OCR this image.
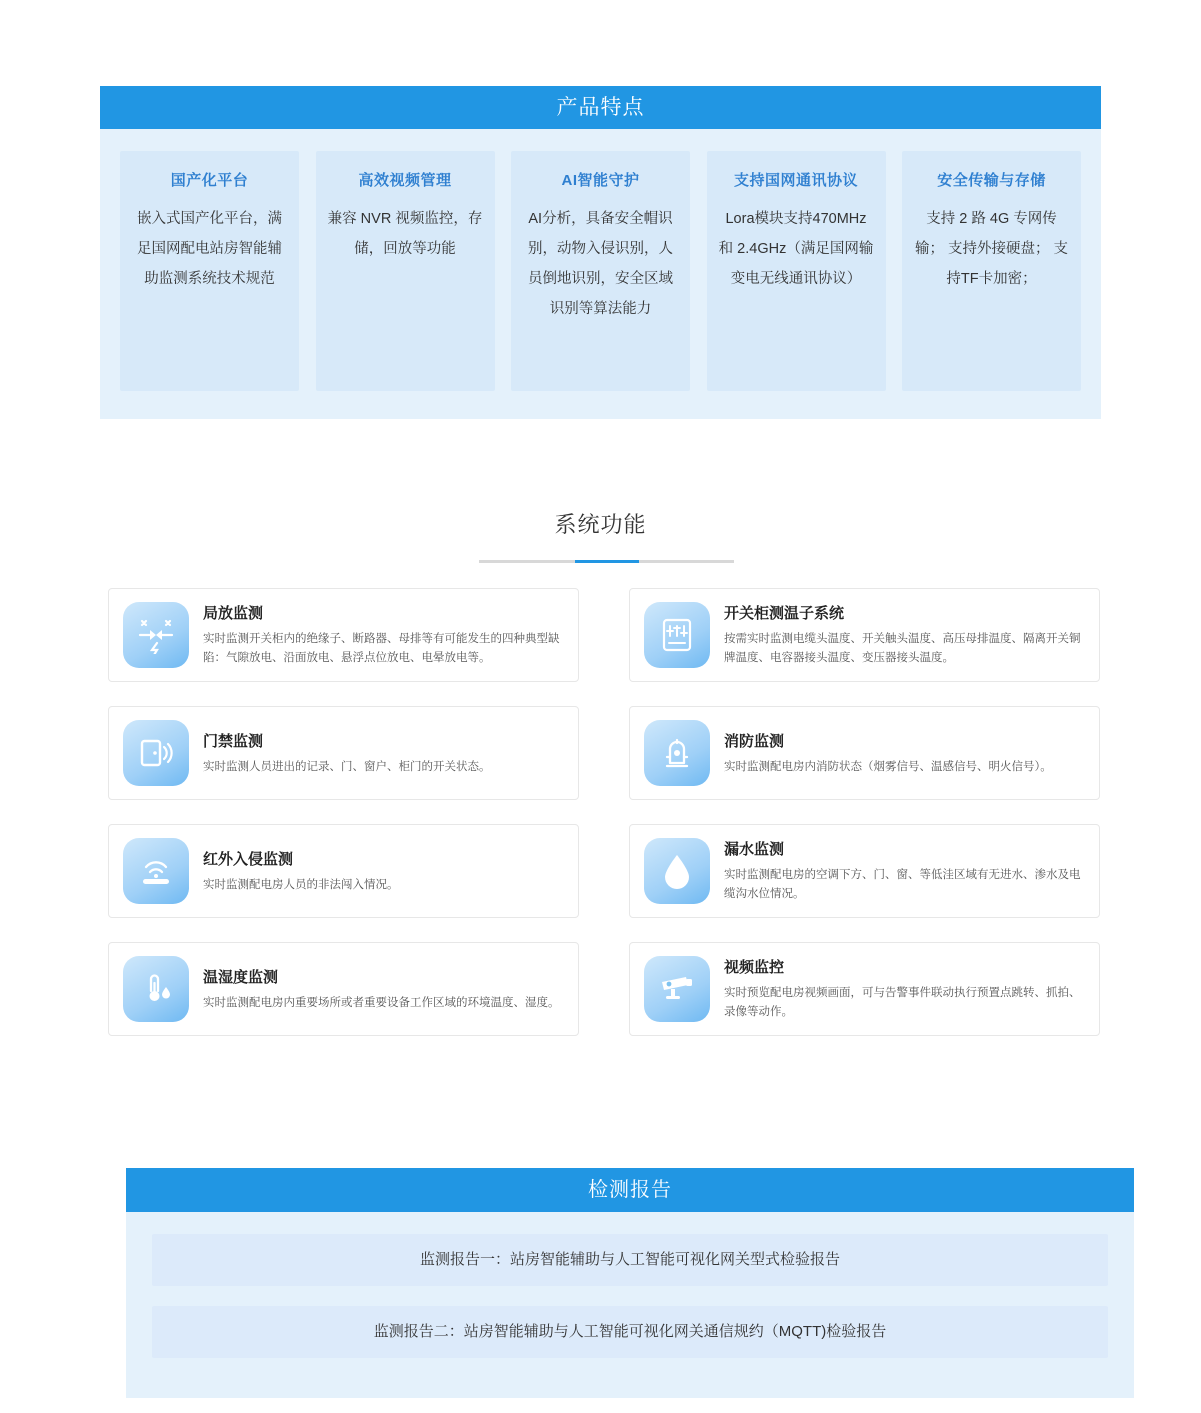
产品特点
国产化平台
嵌入式国产化平台，满足国网配电站房智能辅助监测系统技术规范
高效视频管理
兼容 NVR 视频监控，存储，回放等功能
AI智能守护
AI分析，具备安全帽识别，动物入侵识别，人员倒地识别，安全区域识别等算法能力
支持国网通讯协议
Lora模块支持470MHz 和 2.4GHz（满足国网输变电无线通讯协议）
安全传输与存储
支持 2 路 4G 专网传输； 支持外接硬盘； 支持TF卡加密；
系统功能
局放监测
实时监测开关柜内的绝缘子、断路器、母排等有可能发生的四种典型缺陷：气隙放电、沿面放电、悬浮点位放电、电晕放电等。
开关柜测温子系统
按需实时监测电缆头温度、开关触头温度、高压母排温度、隔离开关铜牌温度、电容器接头温度、变压器接头温度。
门禁监测
实时监测人员进出的记录、门、窗户、柜门的开关状态。
消防监测
实时监测配电房内消防状态（烟雾信号、温感信号、明火信号）。
红外入侵监测
实时监测配电房人员的非法闯入情况。
漏水监测
实时监测配电房的空调下方、门、窗、等低洼区域有无进水、渗水及电缆沟水位情况。
温湿度监测
实时监测配电房内重要场所或者重要设备工作区域的环境温度、湿度。
视频监控
实时预览配电房视频画面，可与告警事件联动执行预置点跳转、抓拍、录像等动作。
检测报告
监测报告一：站房智能辅助与人工智能可视化网关型式检验报告
监测报告二：站房智能辅助与人工智能可视化网关通信规约（MQTT)检验报告
